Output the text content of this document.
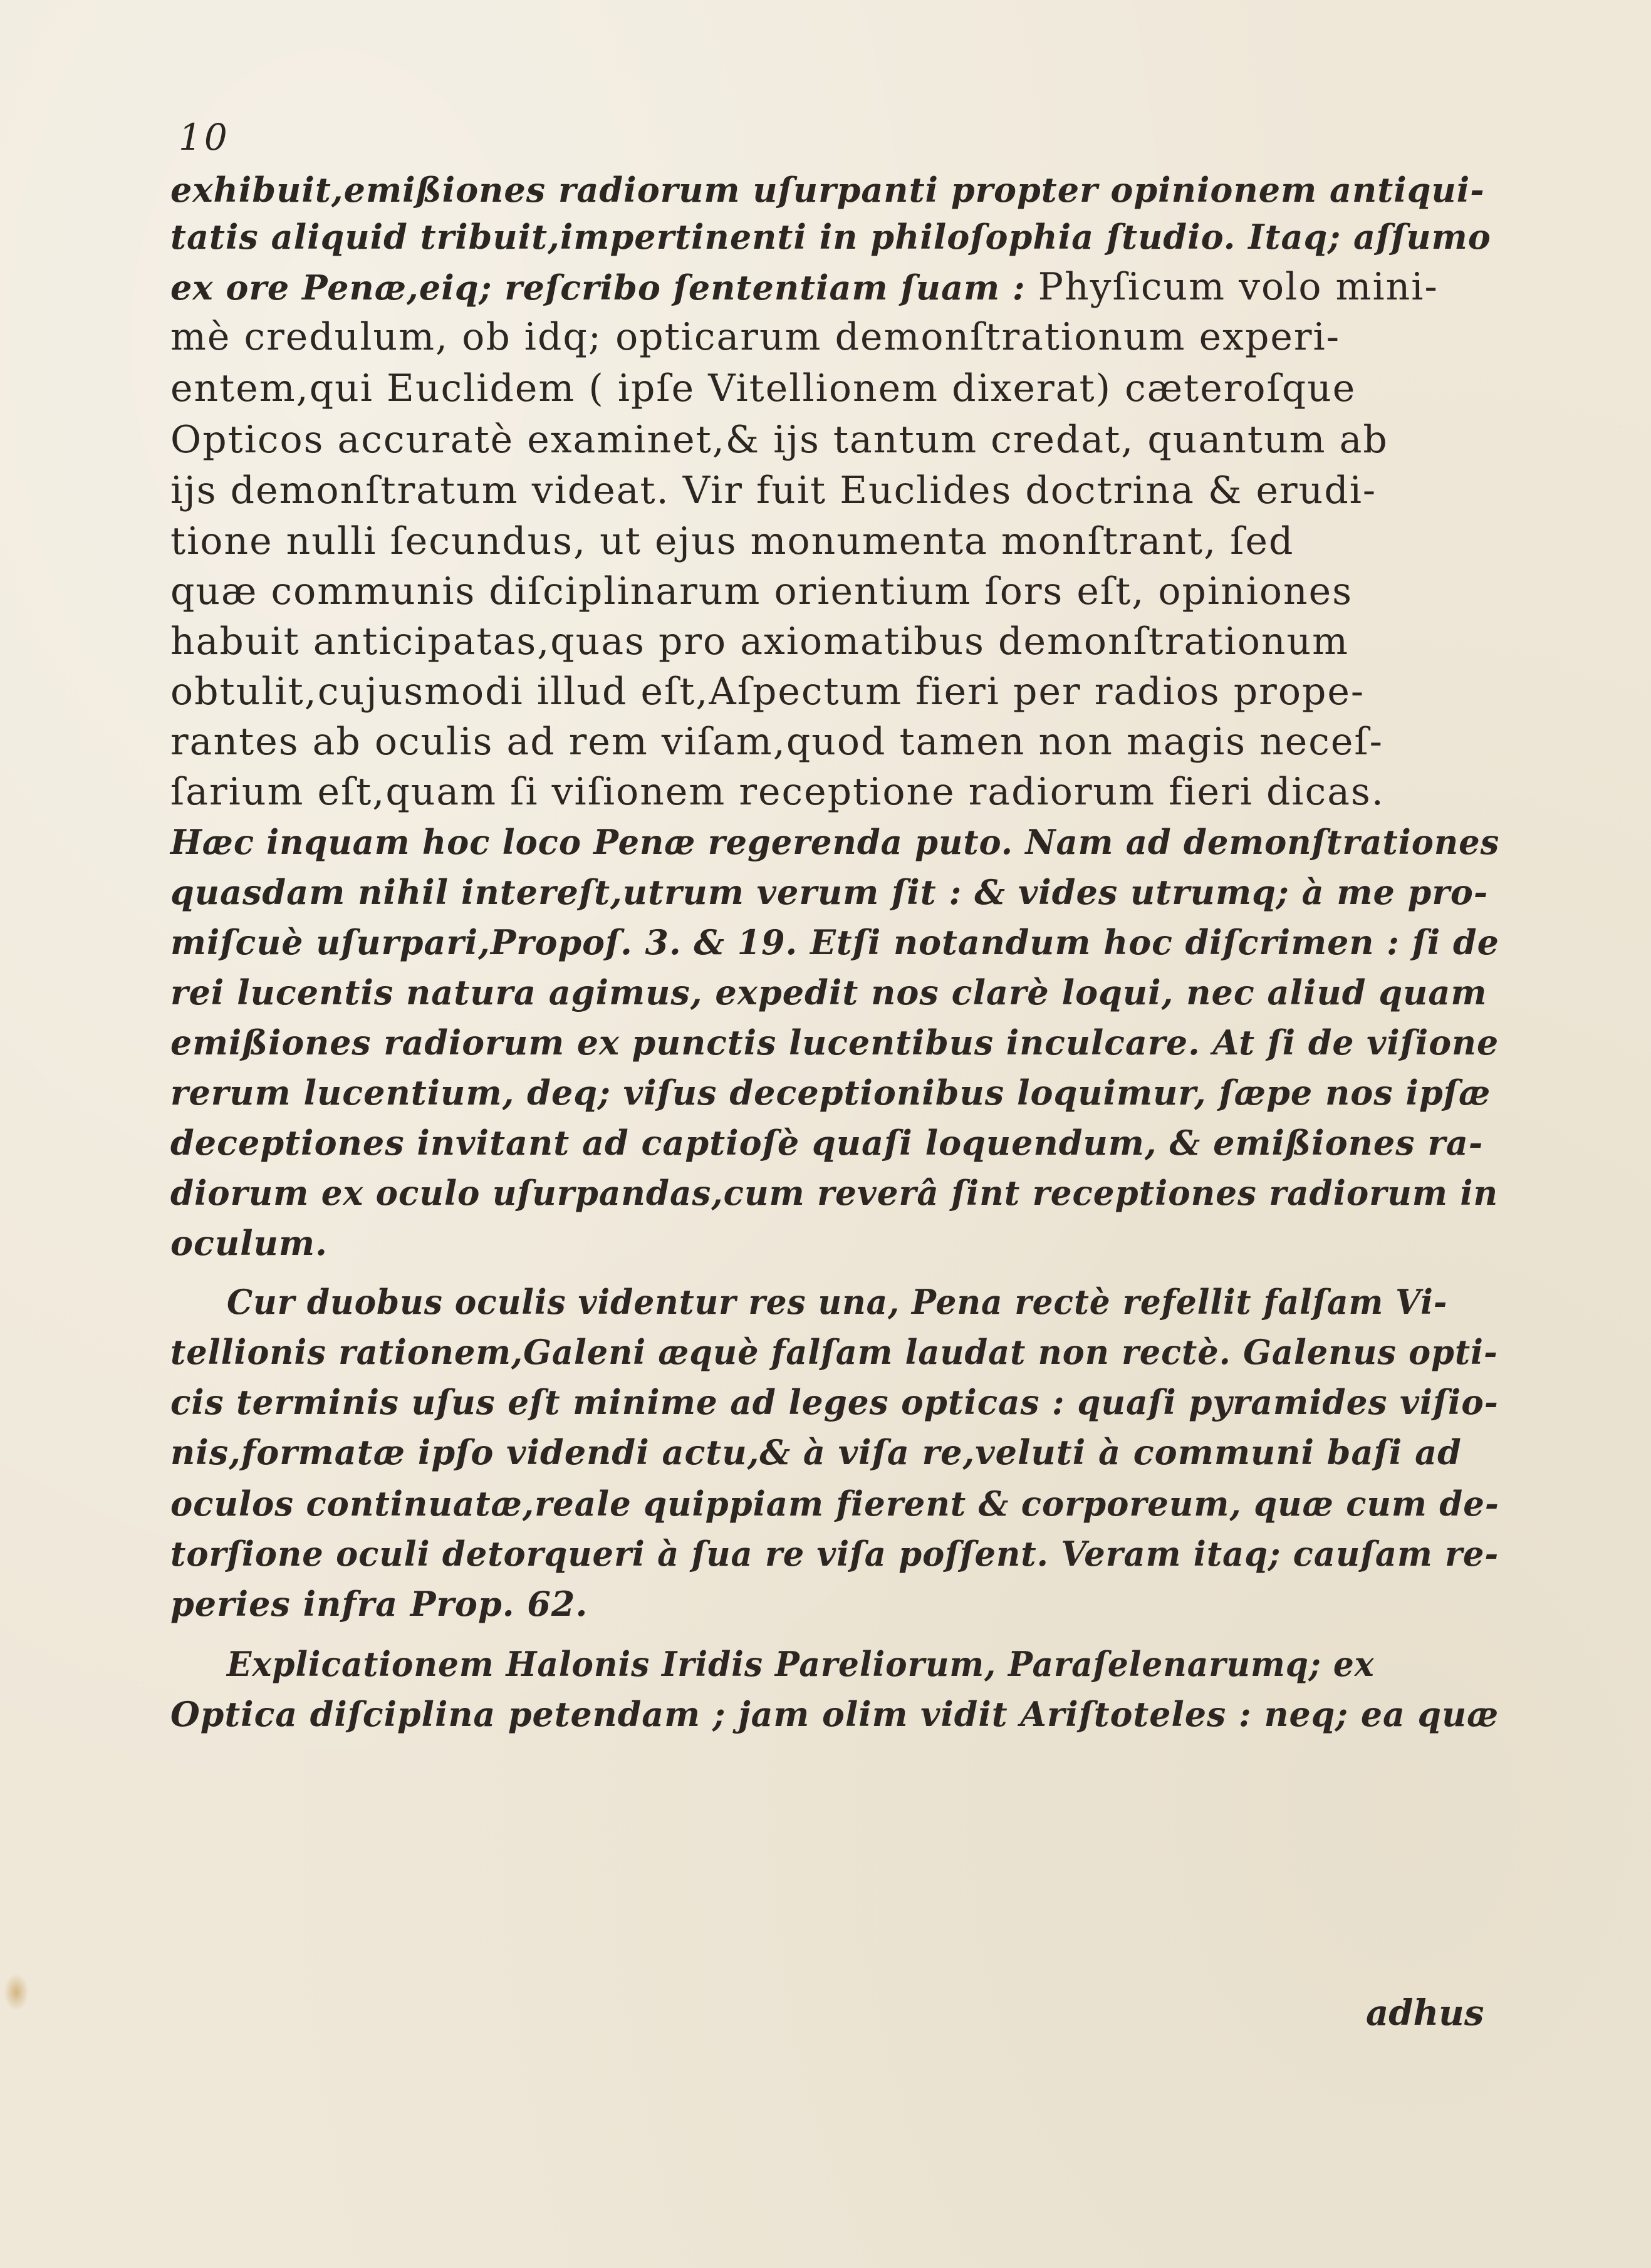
10
exhibuit,emißiones radiorum uſurpanti propter opinionem antiqui-
tatis aliquid tribuit,impertinenti in philoſophia ſtudio. Itaq; aſſumo
ex ore Penæ,eiq; reſcribo ſententiam ſuam : Phyſicum volo mini-
mè credulum, ob idq; opticarum demonſtrationum experi-
entem,qui Euclidem ( ipſe Vitellionem dixerat) cæteroſque
Opticos accuratè examinet,& ijs tantum credat, quantum ab
ijs demonſtratum videat. Vir fuit Euclides doctrina & erudi-
tione nulli ſecundus, ut ejus monumenta monſtrant, ſed
quæ communis diſciplinarum orientium ſors eſt, opiniones
habuit anticipatas,quas pro axiomatibus demonſtrationum
obtulit,cujusmodi illud eſt,Aſpectum fieri per radios prope-
rantes ab oculis ad rem viſam,quod tamen non magis neceſ-
ſarium eſt,quam ſi viſionem receptione radiorum fieri dicas.
Hæc inquam hoc loco Penæ regerenda puto. Nam ad demonſtrationes
quasdam nihil intereſt,utrum verum ſit : & vides utrumq; à me pro-
miſcuè uſurpari,Propoſ. 3. & 19. Etſi notandum hoc diſcrimen : ſi de
rei lucentis natura agimus, expedit nos clarè loqui, nec aliud quam
emißiones radiorum ex punctis lucentibus inculcare. At ſi de viſione
rerum lucentium, deq; viſus deceptionibus loquimur, ſæpe nos ipſæ
deceptiones invitant ad captioſè quaſi loquendum, & emißiones ra-
diorum ex oculo uſurpandas,cum reverâ ſint receptiones radiorum in
oculum.
Cur duobus oculis videntur res una, Pena rectè refellit falſam Vi-
tellionis rationem,Galeni æquè falſam laudat non rectè. Galenus opti-
cis terminis uſus eſt minime ad leges opticas : quaſi pyramides viſio-
nis,formatæ ipſo videndi actu,& à viſa re,veluti à communi baſi ad
oculos continuatæ,reale quippiam fierent & corporeum, quæ cum de-
torſione oculi detorqueri à ſua re viſa poſſent. Veram itaq; cauſam re-
peries infra Prop. 62.
Explicationem Halonis Iridis Pareliorum, Paraſelenarumq; ex
Optica diſciplina petendam ; jam olim vidit Ariſtoteles : neq; ea quæ
adhus
